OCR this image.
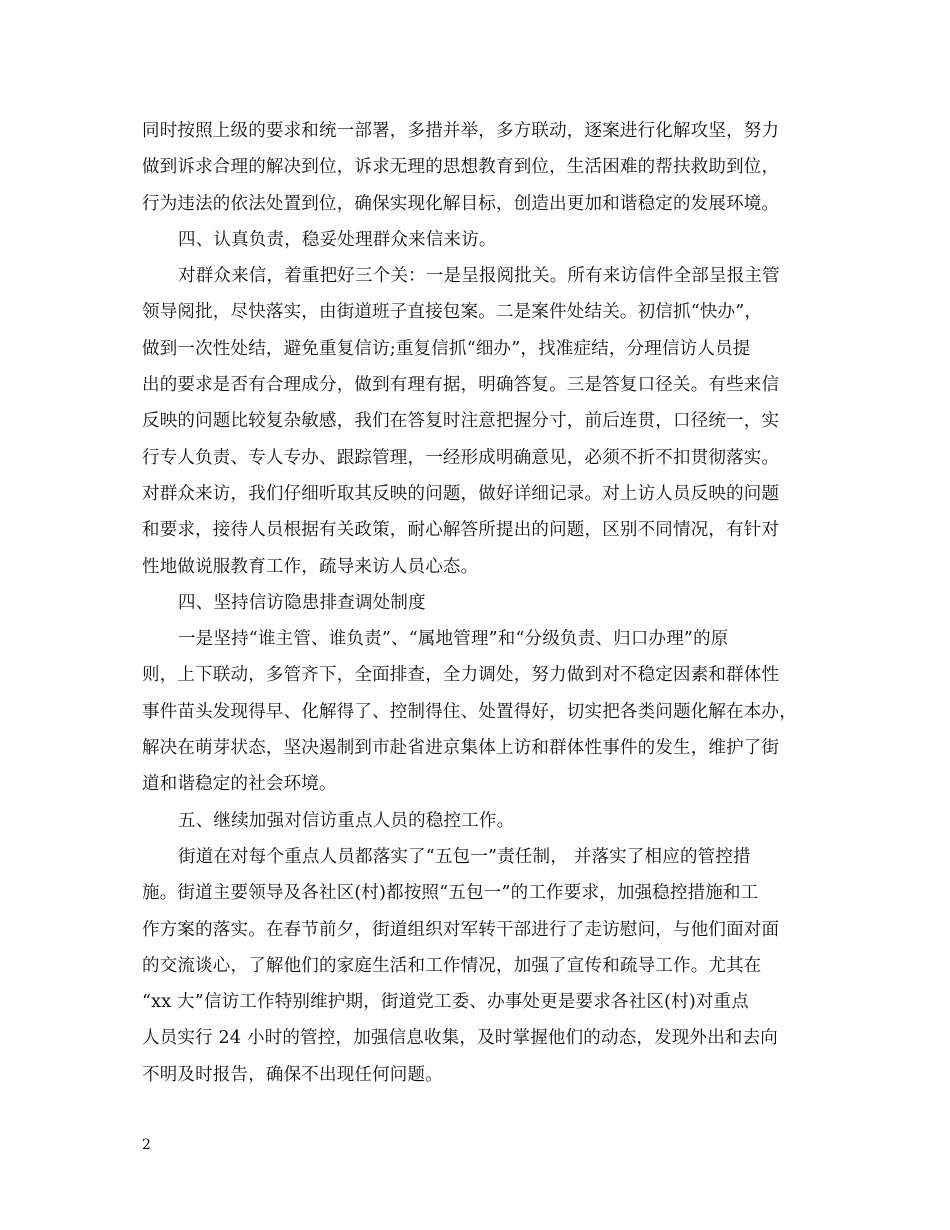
同时按照上级的要求和统一部署，多措并举，多方联动，逐案进行化解攻坚，努力
做到诉求合理的解决到位，诉求无理的思想教育到位，生活困难的帮扶救助到位，
行为违法的依法处置到位，确保实现化解目标，创造出更加和谐稳定的发展环境。
四、认真负责，稳妥处理群众来信来访。
对群众来信，着重把好三个关：一是呈报阅批关。所有来访信件全部呈报主管
领导阅批，尽快落实，由街道班子直接包案。二是案件处结关。初信抓“快办”，
做到一次性处结，避免重复信访;重复信抓“细办”，找准症结，分理信访人员提
出的要求是否有合理成分，做到有理有据，明确答复。三是答复口径关。有些来信
反映的问题比较复杂敏感，我们在答复时注意把握分寸，前后连贯，口径统一，实
行专人负责、专人专办、跟踪管理，一经形成明确意见，必须不折不扣贯彻落实。
对群众来访，我们仔细听取其反映的问题，做好详细记录。对上访人员反映的问题
和要求，接待人员根据有关政策，耐心解答所提出的问题，区别不同情况，有针对
性地做说服教育工作，疏导来访人员心态。
四、坚持信访隐患排查调处制度
一是坚持“谁主管、谁负责”、“属地管理”和“分级负责、归口办理”的原
则，上下联动，多管齐下，全面排查，全力调处，努力做到对不稳定因素和群体性
事件苗头发现得早、化解得了、控制得住、处置得好，切实把各类问题化解在本办，
解决在萌芽状态，坚决遏制到市赴省进京集体上访和群体性事件的发生，维护了街
道和谐稳定的社会环境。
五、继续加强对信访重点人员的稳控工作。
街道在对每个重点人员都落实了“五包一”责任制， 并落实了相应的管控措
施。街道主要领导及各社区(村)都按照“五包一”的工作要求，加强稳控措施和工
作方案的落实。在春节前夕，街道组织对军转干部进行了走访慰问，与他们面对面
的交流谈心，了解他们的家庭生活和工作情况，加强了宣传和疏导工作。尤其在
“xx 大”信访工作特别维护期，街道党工委、办事处更是要求各社区(村)对重点
人员实行 24 小时的管控，加强信息收集，及时掌握他们的动态，发现外出和去向
不明及时报告，确保不出现任何问题。
2
